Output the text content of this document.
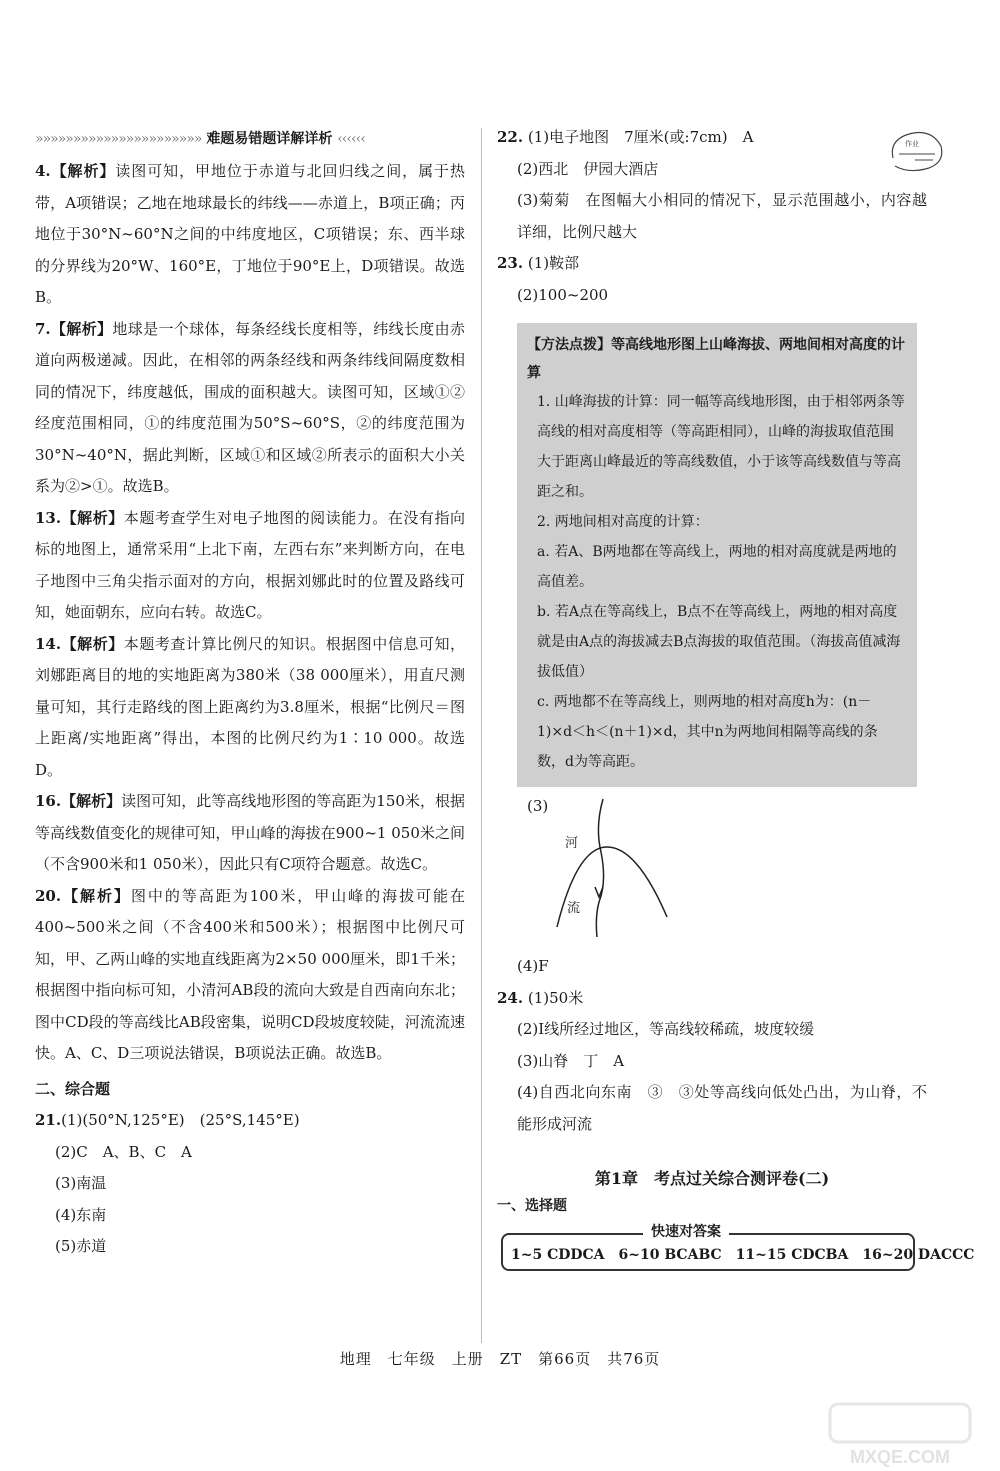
»»»»»»»»»»»»»»»»»»»»»» 难题易错题详解详析 ‹‹‹‹‹‹

4.【解析】读图可知，甲地位于赤道与北回归线之间，属于热带，A项错误；乙地在地球最长的纬线——赤道上，B项正确；丙地位于30°N~60°N之间的中纬度地区，C项错误；东、西半球的分界线为20°W、160°E，丁地位于90°E上，D项错误。故选B。

7.【解析】地球是一个球体，每条经线长度相等，纬线长度由赤道向两极递减。因此，在相邻的两条经线和两条纬线间隔度数相同的情况下，纬度越低，围成的面积越大。读图可知，区域①②经度范围相同，①的纬度范围为50°S~60°S，②的纬度范围为30°N~40°N，据此判断，区域①和区域②所表示的面积大小关系为②>①。故选B。

13.【解析】本题考查学生对电子地图的阅读能力。在没有指向标的地图上，通常采用“上北下南，左西右东”来判断方向，在电子地图中三角尖指示面对的方向，根据刘娜此时的位置及路线可知，她面朝东，应向右转。故选C。

14.【解析】本题考查计算比例尺的知识。根据图中信息可知，刘娜距离目的地的实地距离为380米（38 000厘米），用直尺测量可知，其行走路线的图上距离约为3.8厘米，根据“比例尺＝图上距离/实地距离”得出，本图的比例尺约为1∶10 000。故选D。

16.【解析】读图可知，此等高线地形图的等高距为150米，根据等高线数值变化的规律可知，甲山峰的海拔在900~1 050米之间（不含900米和1 050米），因此只有C项符合题意。故选C。

20.【解析】图中的等高距为100米，甲山峰的海拔可能在400~500米之间（不含400米和500米）；根据图中比例尺可知，甲、乙两山峰的实地直线距离为2×50 000厘米，即1千米；根据图中指向标可知，小清河AB段的流向大致是自西南向东北；图中CD段的等高线比AB段密集，说明CD段坡度较陡，河流流速快。A、C、D三项说法错误，B项说法正确。故选B。

二、综合题

21.(1)(50°N,125°E)　(25°S,145°E)

(2)C　A、B、C　A

(3)南温

(4)东南

(5)赤道

22. (1)电子地图　7厘米(或:7cm)　A

(2)西北　伊园大酒店

(3)菊菊　在图幅大小相同的情况下，显示范围越小，内容越详细，比例尺越大

23. (1)鞍部

(2)100~200

【方法点拨】等高线地形图上山峰海拔、两地间相对高度的计算

1. 山峰海拔的计算：同一幅等高线地形图，由于相邻两条等高线的相对高度相等（等高距相同），山峰的海拔取值范围大于距离山峰最近的等高线数值，小于该等高线数值与等高距之和。

2. 两地间相对高度的计算：

a. 若A、B两地都在等高线上，两地的相对高度就是两地的高值差。

b. 若A点在等高线上，B点不在等高线上，两地的相对高度就是由A点的海拔减去B点海拔的取值范围。（海拔高值减海拔低值）

c. 两地都不在等高线上，则两地的相对高度h为：(n－1)×d＜h＜(n＋1)×d，其中n为两地间相隔等高线的条数，d为等高距。

(3)
河
流

(4)F

24. (1)50米

(2)Ⅰ线所经过地区，等高线较稀疏，坡度较缓

(3)山脊　丁　A

(4)自西北向东南　③　③处等高线向低处凸出，为山脊，不能形成河流

第1章　考点过关综合测评卷(二)

一、选择题

快速对答案
1~5 CDDCA　6~10 BCABC　11~15 CDCBA　16~20 DACCC
作业
地理　七年级　上册　ZT　第66页　共76页
MXQE.COM
